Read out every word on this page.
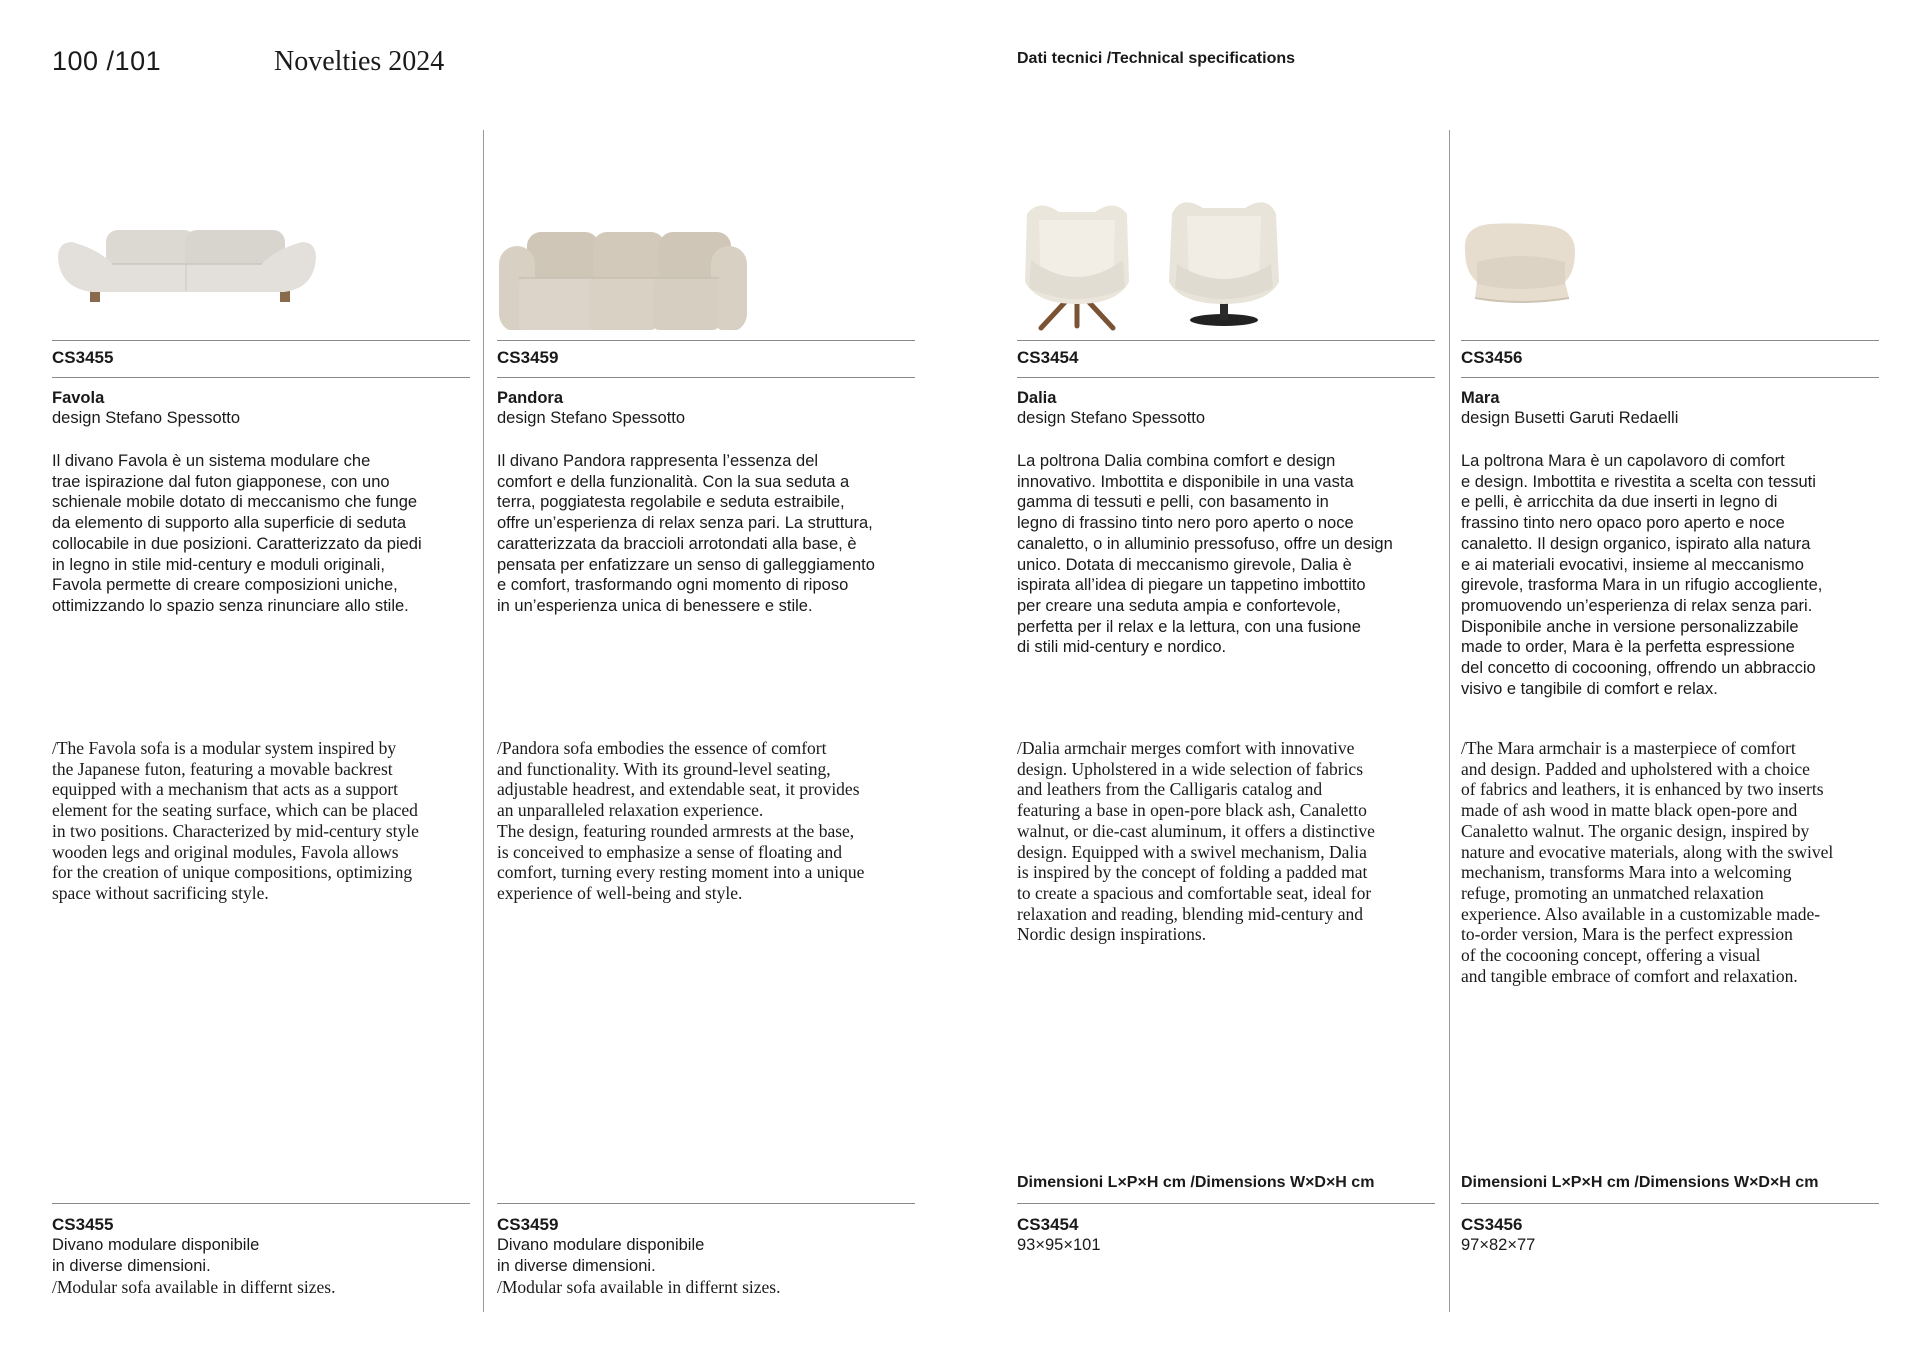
100 /101	Novelties 2024	Dati tecnici /Technical specifications
CS3455
Favola
design Stefano Spessotto
Il divano Favola è un sistema modulare che
trae ispirazione dal futon giapponese, con uno
schienale mobile dotato di meccanismo che funge
da elemento di supporto alla superficie di seduta
collocabile in due posizioni. Caratterizzato da piedi
in legno in stile mid-century e moduli originali,
Favola permette di creare composizioni uniche,
ottimizzando lo spazio senza rinunciare allo stile.
/The Favola sofa is a modular system inspired by
the Japanese futon, featuring a movable backrest
equipped with a mechanism that acts as a support
element for the seating surface, which can be placed
in two positions. Characterized by mid-century style
wooden legs and original modules, Favola allows
for the creation of unique compositions, optimizing
space without sacrificing style.
CS3455
Divano modulare disponibile
in diverse dimensioni.
/Modular sofa available in differnt sizes.
CS3459
Pandora
design Stefano Spessotto
Il divano Pandora rappresenta l’essenza del
comfort e della funzionalità. Con la sua seduta a
terra, poggiatesta regolabile e seduta estraibile,
offre un’esperienza di relax senza pari. La struttura,
caratterizzata da braccioli arrotondati alla base, è
pensata per enfatizzare un senso di galleggiamento
e comfort, trasformando ogni momento di riposo
in un’esperienza unica di benessere e stile.
/Pandora sofa embodies the essence of comfort
and functionality. With its ground-level seating,
adjustable headrest, and extendable seat, it provides
an unparalleled relaxation experience.
The design, featuring rounded armrests at the base,
is conceived to emphasize a sense of floating and
comfort, turning every resting moment into a unique
experience of well-being and style.
CS3459
Divano modulare disponibile
in diverse dimensioni.
/Modular sofa available in differnt sizes.
CS3454
Dalia
design Stefano Spessotto
La poltrona Dalia combina comfort e design
innovativo. Imbottita e disponibile in una vasta
gamma di tessuti e pelli, con basamento in
legno di frassino tinto nero poro aperto o noce
canaletto, o in alluminio pressofuso, offre un design
unico. Dotata di meccanismo girevole, Dalia è
ispirata all’idea di piegare un tappetino imbottito
per creare una seduta ampia e confortevole,
perfetta per il relax e la lettura, con una fusione
di stili mid-century e nordico.
/Dalia armchair merges comfort with innovative
design. Upholstered in a wide selection of fabrics
and leathers from the Calligaris catalog and
featuring a base in open-pore black ash, Canaletto
walnut, or die-cast aluminum, it offers a distinctive
design. Equipped with a swivel mechanism, Dalia
is inspired by the concept of folding a padded mat
to create a spacious and comfortable seat, ideal for
relaxation and reading, blending mid-century and
Nordic design inspirations.
Dimensioni L×P×H cm /Dimensions W×D×H cm
CS3454
93×95×101
CS3456
Mara
design Busetti Garuti Redaelli
La poltrona Mara è un capolavoro di comfort
e design. Imbottita e rivestita a scelta con tessuti
e pelli, è arricchita da due inserti in legno di
frassino tinto nero opaco poro aperto e noce
canaletto. Il design organico, ispirato alla natura
e ai materiali evocativi, insieme al meccanismo
girevole, trasforma Mara in un rifugio accogliente,
promuovendo un’esperienza di relax senza pari.
Disponibile anche in versione personalizzabile
made to order, Mara è la perfetta espressione
del concetto di cocooning, offrendo un abbraccio
visivo e tangibile di comfort e relax.
/The Mara armchair is a masterpiece of comfort
and design. Padded and upholstered with a choice
of fabrics and leathers, it is enhanced by two inserts
made of ash wood in matte black open-pore and
Canaletto walnut. The organic design, inspired by
nature and evocative materials, along with the swivel
mechanism, transforms Mara into a welcoming
refuge, promoting an unmatched relaxation
experience. Also available in a customizable made-
to-order version, Mara is the perfect expression
of the cocooning concept, offering a visual
and tangible embrace of comfort and relaxation.
Dimensioni L×P×H cm /Dimensions W×D×H cm
CS3456
97×82×77
